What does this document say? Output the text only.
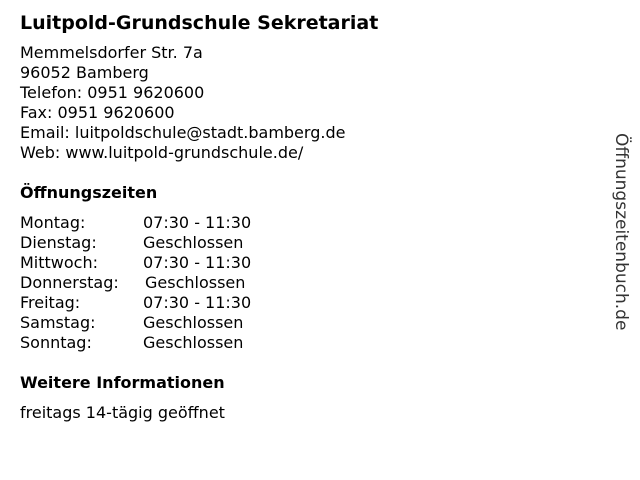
Luitpold-Grundschule Sekretariat
Memmelsdorfer Str. 7a
96052 Bamberg
Telefon: 0951 9620600
Fax: 0951 9620600
Email: luitpoldschule@stadt.bamberg.de
Web: www.luitpold-grundschule.de/
Öffnungszeiten
Montag:	07:30 - 11:30
Dienstag:	Geschlossen
Mittwoch:	07:30 - 11:30
Donnerstag: Geschlossen
Freitag:	07:30 - 11:30
Samstag:	Geschlossen
Sonntag:	Geschlossen
Weitere Informationen
freitags 14-tägig geöffnet
Öffnungszeitenbuch.de
